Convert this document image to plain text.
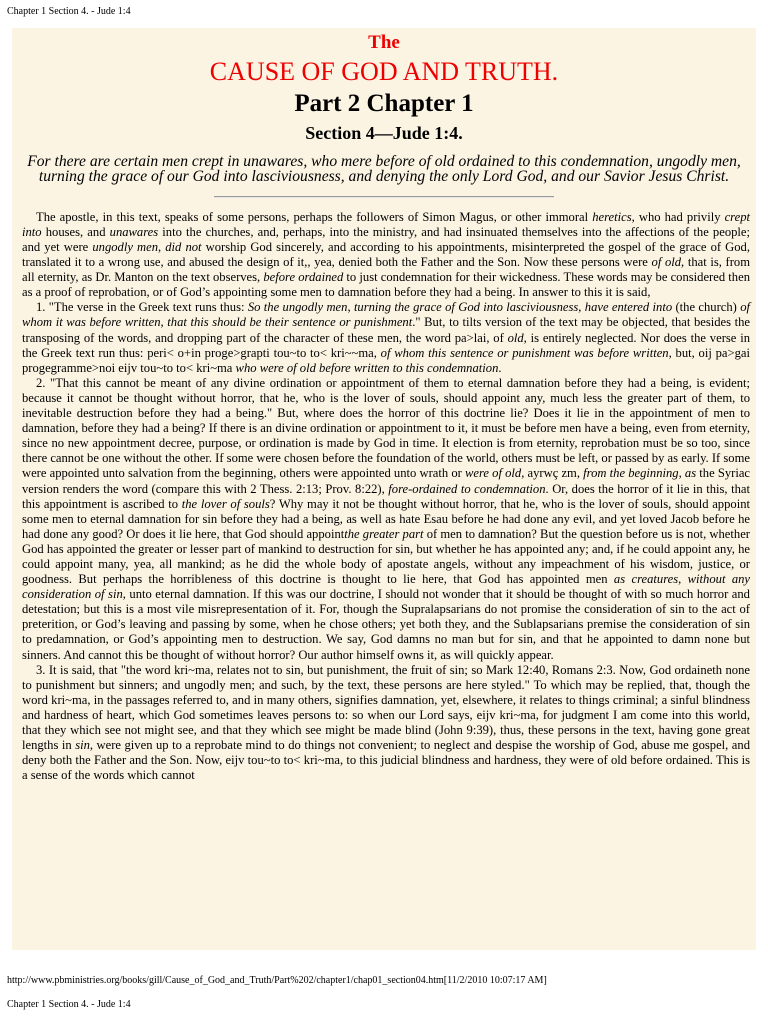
Chapter 1 Section 4. - Jude 1:4
The
CAUSE OF GOD AND TRUTH.
Part 2 Chapter 1
Section 4—Jude 1:4.
For there are certain men crept in unawares, who mere before of old ordained to this condemnation, ungodly men, turning the grace of our God into lasciviousness, and denying the only Lord God, and our Savior Jesus Christ.

The apostle, in this text, speaks of some persons, perhaps the followers of Simon Magus, or other immoral heretics, who had privily crept into houses, and unawares into the churches, and, perhaps, into the ministry, and had insinuated themselves into the affections of the people; and yet were ungodly men, did not worship God sincerely, and according to his appointments, misinterpreted the gospel of the grace of God, translated it to a wrong use, and abused the design of it,, yea, denied both the Father and the Son. Now these persons were of old, that is, from all eternity, as Dr. Manton on the text observes, before ordained to just condemnation for their wickedness. These words may be considered then as a proof of reprobation, or of God’s appointing some men to damnation before they had a being. In answer to this it is said,

1. "The verse in the Greek text runs thus: So the ungodly men, turning the grace of God into lasciviousness, have entered into (the church) of whom it was before written, that this should be their sentence or punishment." But, to tilts version of the text may be objected, that besides the transposing of the words, and dropping part of the character of these men, the word pa>lai, of old, is entirely neglected. Nor does the verse in the Greek text run thus: peri< o+in proge>grapti tou~to to< kri~~ma, of whom this sentence or punishment was before written, but, oij pa>gai progegramme>noi eijv tou~to to< kri~ma who were of old before written to this condemnation.

2. "That this cannot be meant of any divine ordination or appointment of them to eternal damnation before they had a being, is evident; because it cannot be thought without horror, that he, who is the lover of souls, should appoint any, much less the greater part of them, to inevitable destruction before they had a being." But, where does the horror of this doctrine lie? Does it lie in the appointment of men to damnation, before they had a being? If there is an divine ordination or appointment to it, it must be before men have a being, even from eternity, since no new appointment decree, purpose, or ordination is made by God in time. It election is from eternity, reprobation must be so too, since there cannot be one without the other. If some were chosen before the foundation of the world, others must be left, or passed by as early. If some were appointed unto salvation from the beginning, others were appointed unto wrath or were of old, ayrwç zm, from the beginning, as the Syriac version renders the word (compare this with 2 Thess. 2:13; Prov. 8:22), fore-ordained to condemnation. Or, does the horror of it lie in this, that this appointment is ascribed to the lover of souls? Why may it not be thought without horror, that he, who is the lover of souls, should appoint some men to eternal damnation for sin before they had a being, as well as hate Esau before he had done any evil, and yet loved Jacob before he had done any good? Or does it lie here, that God should appointthe greater part of men to damnation? But the question before us is not, whether God has appointed the greater or lesser part of mankind to destruction for sin, but whether he has appointed any; and, if he could appoint any, he could appoint many, yea, all mankind; as he did the whole body of apostate angels, without any impeachment of his wisdom, justice, or goodness. But perhaps the horribleness of this doctrine is thought to lie here, that God has appointed men as creatures, without any consideration of sin, unto eternal damnation. If this was our doctrine, I should not wonder that it should be thought of with so much horror and detestation; but this is a most vile misrepresentation of it. For, though the Supralapsarians do not promise the consideration of sin to the act of preterition, or God’s leaving and passing by some, when he chose others; yet both they, and the Sublapsarians premise the consideration of sin to predamnation, or God’s appointing men to destruction. We say, God damns no man but for sin, and that he appointed to damn none but sinners. And cannot this be thought of without horror? Our author himself owns it, as will quickly appear.

3. It is said, that "the word kri~ma, relates not to sin, but punishment, the fruit of sin; so Mark 12:40, Romans 2:3. Now, God ordaineth none to punishment but sinners; and ungodly men; and such, by the text, these persons are here styled." To which may be replied, that, though the word kri~ma, in the passages referred to, and in many others, signifies damnation, yet, elsewhere, it relates to things criminal; a sinful blindness and hardness of heart, which God sometimes leaves persons to: so when our Lord says, eijv kri~ma, for judgment I am come into this world, that they which see not might see, and that they which see might be made blind (John 9:39), thus, these persons in the text, having gone great lengths in sin, were given up to a reprobate mind to do things not convenient; to neglect and despise the worship of God, abuse me gospel, and deny both the Father and the Son. Now, eijv tou~to to< kri~ma, to this judicial blindness and hardness, they were of old before ordained. This is a sense of the words which cannot

http://www.pbministries.org/books/gill/Cause_of_God_and_Truth/Part%202/chapter1/chap01_section04.htm[11/2/2010 10:07:17 AM]
Chapter 1 Section 4. - Jude 1:4
